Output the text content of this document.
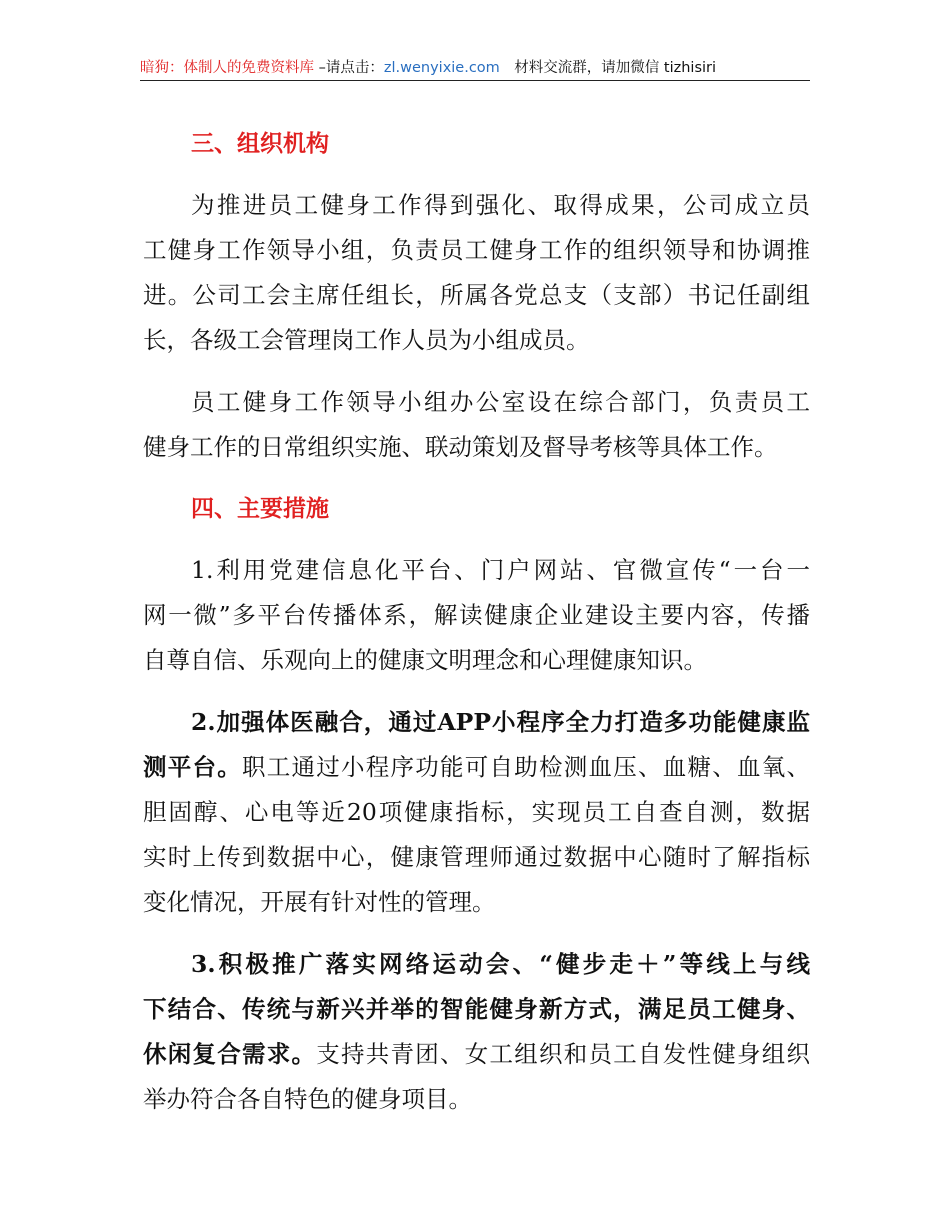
暗狗：体制人的免费资料库 –请点击：zl.wenyixie.com　材料交流群，请加微信 tizhisiri
三、组织机构
为推进员工健身工作得到强化、取得成果，公司成立员
工健身工作领导小组，负责员工健身工作的组织领导和协调推
进。公司工会主席任组长，所属各党总支（支部）书记任副组
长，各级工会管理岗工作人员为小组成员。
员工健身工作领导小组办公室设在综合部门，负责员工
健身工作的日常组织实施、联动策划及督导考核等具体工作。
四、主要措施
1.利用党建信息化平台、门户网站、官微宣传“一台一
网一微”多平台传播体系，解读健康企业建设主要内容，传播
自尊自信、乐观向上的健康文明理念和心理健康知识。
2.加强体医融合，通过APP小程序全力打造多功能健康监
测平台。职工通过小程序功能可自助检测血压、血糖、血氧、
胆固醇、心电等近20项健康指标，实现员工自查自测，数据
实时上传到数据中心，健康管理师通过数据中心随时了解指标
变化情况，开展有针对性的管理。
3.积极推广落实网络运动会、“健步走＋”等线上与线
下结合、传统与新兴并举的智能健身新方式，满足员工健身、
休闲复合需求。支持共青团、女工组织和员工自发性健身组织
举办符合各自特色的健身项目。
